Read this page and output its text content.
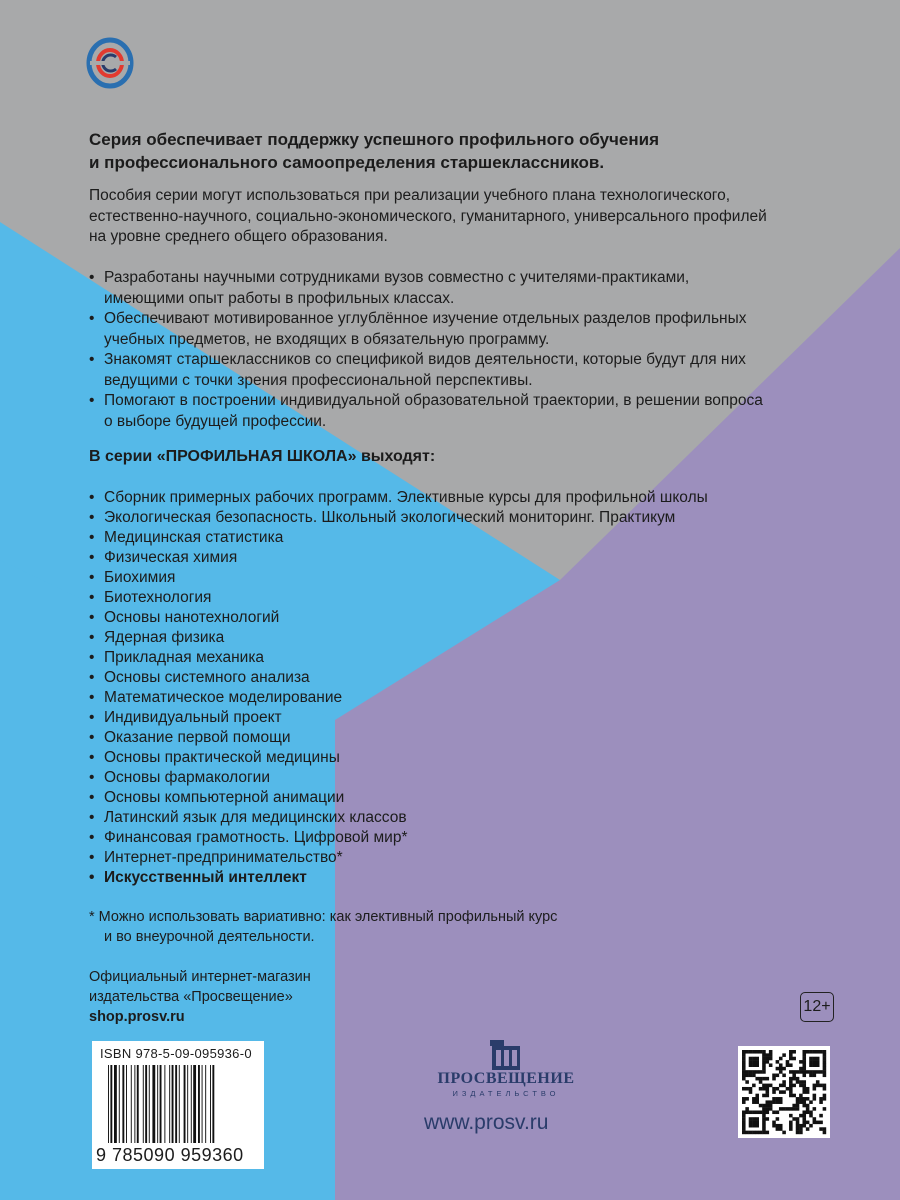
Серия обеспечивает поддержку успешного профильного обучения
и профессионального самоопределения старшеклассников.
Пособия серии могут использоваться при реализации учебного плана технологического,
естественно-научного, социально-экономического, гуманитарного, универсального профилей
на уровне среднего общего образования.
• Разработаны научными сотрудниками вузов совместно с учителями-практиками,
имеющими опыт работы в профильных классах.
• Обеспечивают мотивированное углублённое изучение отдельных разделов профильных
учебных предметов, не входящих в обязательную программу.
• Знакомят старшеклассников со спецификой видов деятельности, которые будут для них
ведущими с точки зрения профессиональной перспективы.
• Помогают в построении индивидуальной образовательной траектории, в решении вопроса
о выборе будущей профессии.
В серии «ПРОФИЛЬНАЯ ШКОЛА» выходят:
• Сборник примерных рабочих программ. Элективные курсы для профильной школы
• Экологическая безопасность. Школьный экологический мониторинг. Практикум
• Медицинская статистика
• Физическая химия
• Биохимия
• Биотехнология
• Основы нанотехнологий
• Ядерная физика
• Прикладная механика
• Основы системного анализа
• Математическое моделирование
• Индивидуальный проект
• Оказание первой помощи
• Основы практической медицины
• Основы фармакологии
• Основы компьютерной анимации
• Латинский язык для медицинских классов
• Финансовая грамотность. Цифровой мир*
• Интернет-предпринимательство*
• Искусственный интеллект
* Можно использовать вариативно: как элективный профильный курс
и во внеурочной деятельности.
Официальный интернет-магазин
издательства «Просвещение»
shop.prosv.ru
12+
ISBN 978-5-09-095936-0
9 785090 959360
ПРОСВЕЩЕНИЕ
ИЗДАТЕЛЬСТВО
www.prosv.ru
